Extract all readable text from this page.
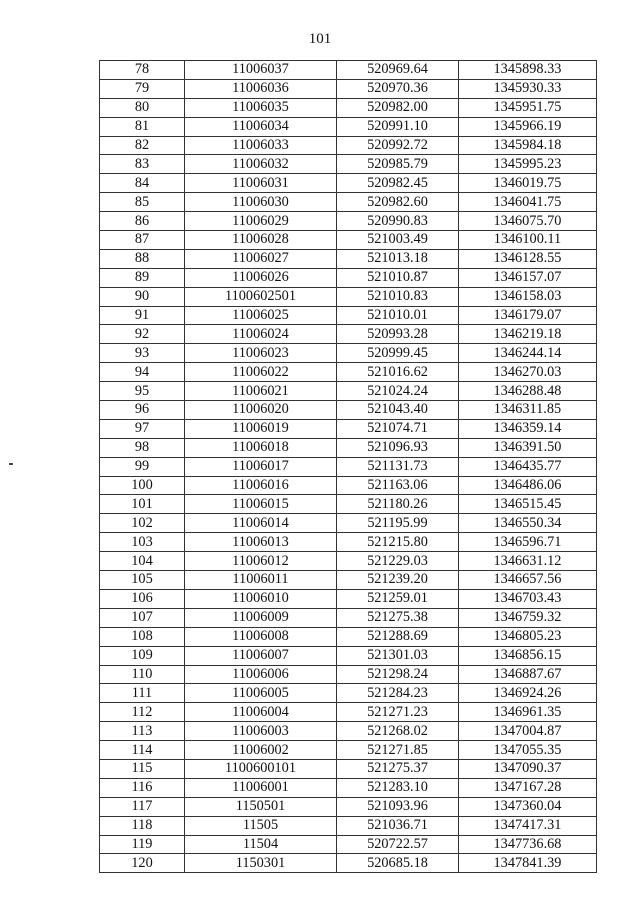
101
78	11006037	520969.64	1345898.33
79	11006036	520970.36	1345930.33
80	11006035	520982.00	1345951.75
81	11006034	520991.10	1345966.19
82	11006033	520992.72	1345984.18
83	11006032	520985.79	1345995.23
84	11006031	520982.45	1346019.75
85	11006030	520982.60	1346041.75
86	11006029	520990.83	1346075.70
87	11006028	521003.49	1346100.11
88	11006027	521013.18	1346128.55
89	11006026	521010.87	1346157.07
90	1100602501	521010.83	1346158.03
91	11006025	521010.01	1346179.07
92	11006024	520993.28	1346219.18
93	11006023	520999.45	1346244.14
94	11006022	521016.62	1346270.03
95	11006021	521024.24	1346288.48
96	11006020	521043.40	1346311.85
97	11006019	521074.71	1346359.14
98	11006018	521096.93	1346391.50
99	11006017	521131.73	1346435.77
100	11006016	521163.06	1346486.06
101	11006015	521180.26	1346515.45
102	11006014	521195.99	1346550.34
103	11006013	521215.80	1346596.71
104	11006012	521229.03	1346631.12
105	11006011	521239.20	1346657.56
106	11006010	521259.01	1346703.43
107	11006009	521275.38	1346759.32
108	11006008	521288.69	1346805.23
109	11006007	521301.03	1346856.15
110	11006006	521298.24	1346887.67
111	11006005	521284.23	1346924.26
112	11006004	521271.23	1346961.35
113	11006003	521268.02	1347004.87
114	11006002	521271.85	1347055.35
115	1100600101	521275.37	1347090.37
116	11006001	521283.10	1347167.28
117	1150501	521093.96	1347360.04
118	11505	521036.71	1347417.31
119	11504	520722.57	1347736.68
120	1150301	520685.18	1347841.39
